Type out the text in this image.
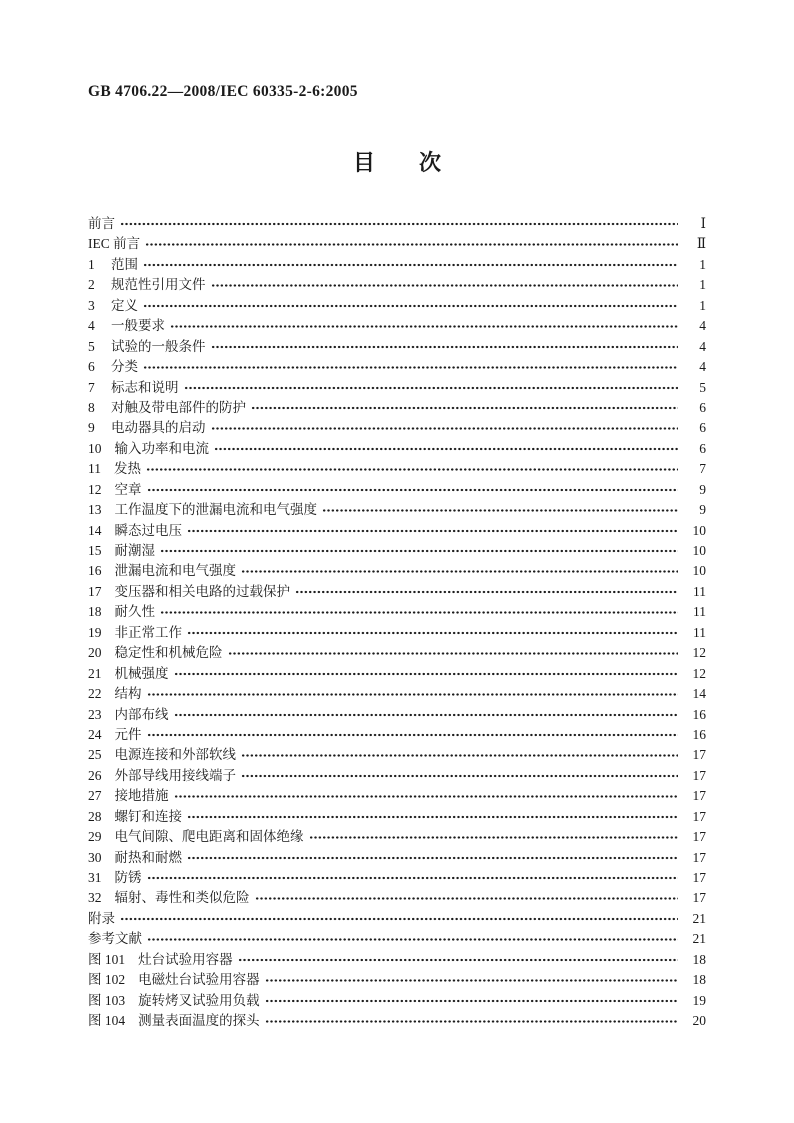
GB 4706.22—2008/IEC 60335-2-6:2005
目　　次
前言	Ⅰ
IEC 前言	Ⅱ
1	范围	1
2	规范性引用文件	1
3	定义	1
4	一般要求	4
5	试验的一般条件	4
6	分类	4
7	标志和说明	5
8	对触及带电部件的防护	6
9	电动器具的启动	6
10 输入功率和电流	6
11 发热	7
12 空章	9
13 工作温度下的泄漏电流和电气强度	9
14 瞬态过电压	10
15 耐潮湿	10
16 泄漏电流和电气强度	10
17 变压器和相关电路的过载保护	11
18 耐久性	11
19 非正常工作	11
20 稳定性和机械危险	12
21 机械强度	12
22 结构	14
23 内部布线	16
24 元件	16
25 电源连接和外部软线	17
26 外部导线用接线端子	17
27 接地措施	17
28 螺钉和连接	17
29 电气间隙、爬电距离和固体绝缘	17
30 耐热和耐燃	17
31 防锈	17
32 辐射、毒性和类似危险	17
附录	21
参考文献	21
图 101 灶台试验用容器	18
图 102 电磁灶台试验用容器	18
图 103 旋转烤叉试验用负载	19
图 104 测量表面温度的探头	20
